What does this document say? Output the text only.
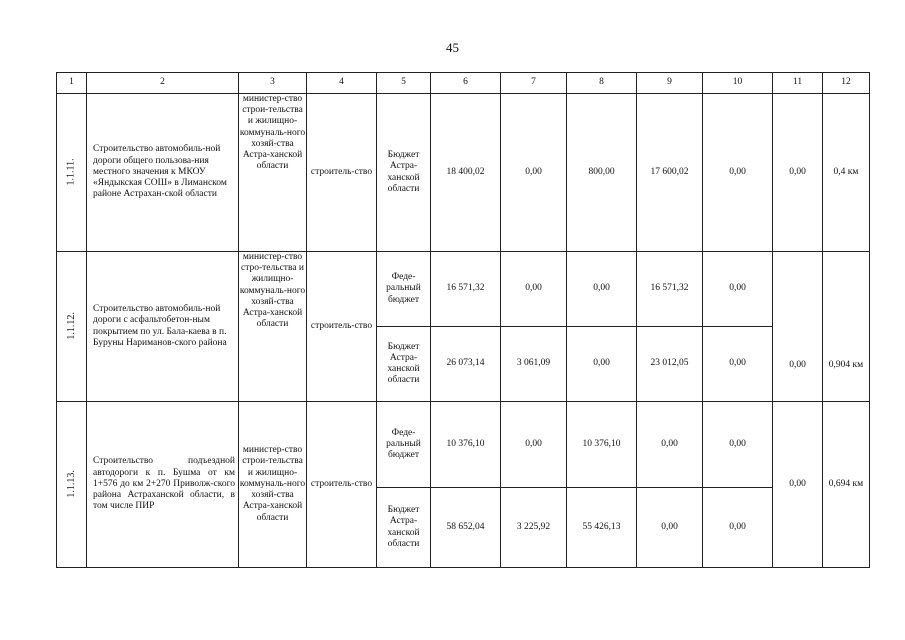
45
1	2	3	4	5	6	7	8	9	10	11	12
1.1.11.	Строительство автомобиль-ной дороги общего пользова-ния местного значения к МКОУ «Яндыкская СОШ» в Лиманском районе Астрахан-ской области	министер-ство строи-тельства и жилищно-коммуналь-ного хозяй-ства Астра-ханской области	строитель-ство	Бюджет Астра-ханской области	18 400,02	0,00	800,00	17 600,02	0,00	0,00	0,4 км
1.1.12.	Строительство автомобиль-ной дороги с асфальтобетон-ным покрытием по ул. Бала-каева в п. Буруны Нариманов-ского района	министер-ство стро-тельства и жилищно-коммуналь-ного хозяй-ства Астра-ханской области	строитель-ство	Феде-ральный бюджет	16 571,32	0,00	0,00	16 571,32	0,00	0,00	0,904 км
				Бюджет Астра-ханской области	26 073,14	3 061,09	0,00	23 012,05	0,00		
1.1.13.	Строительство подъездной автодороги к п. Бушма от км 1+576 до км 2+270 Приволж-ского района Астраханской области, в том числе ПИР	министер-ство строи-тельства и жилищно-коммуналь-ного хозяй-ства Астра-ханской области	строитель-ство	Феде-ральный бюджет	10 376,10	0,00	10 376,10	0,00	0,00	0,00	0,694 км
				Бюджет Астра-ханской области	58 652,04	3 225,92	55 426,13	0,00	0,00		
